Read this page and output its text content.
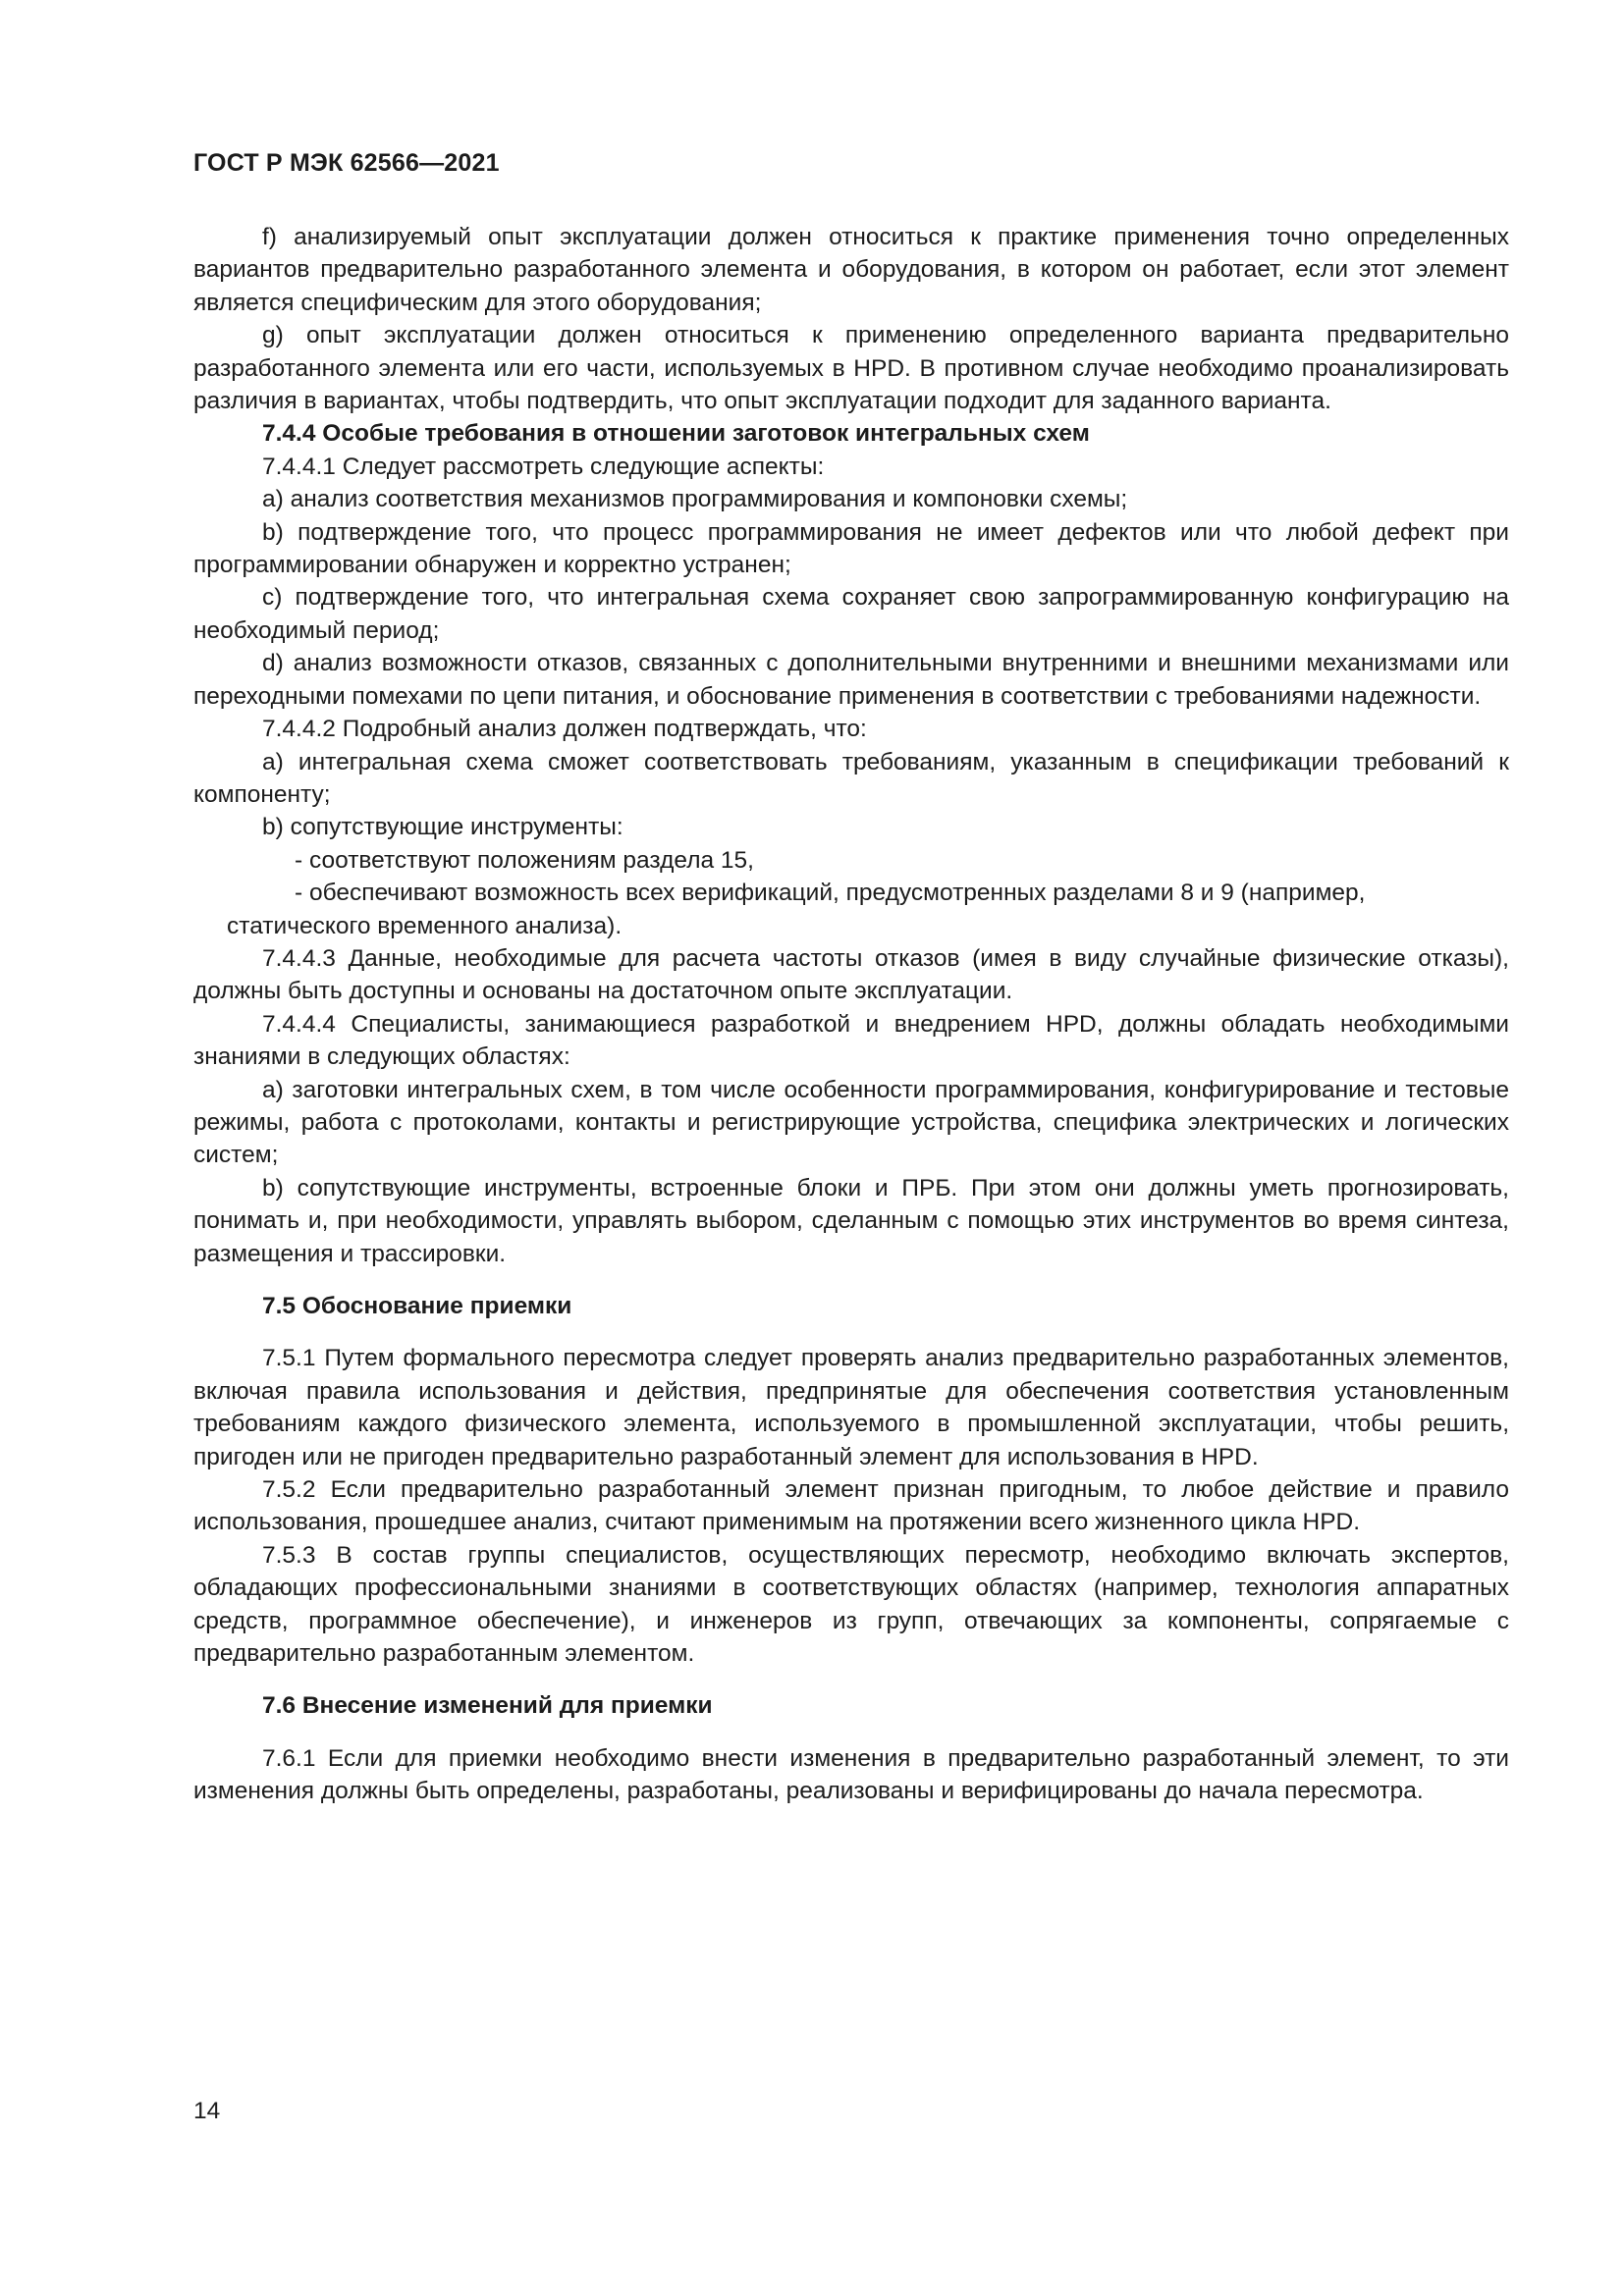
ГОСТ Р МЭК 62566—2021

f) анализируемый опыт эксплуатации должен относиться к практике применения точно определенных вариантов предварительно разработанного элемента и оборудования, в котором он работает, если этот элемент является специфическим для этого оборудования;

g) опыт эксплуатации должен относиться к применению определенного варианта предварительно разработанного элемента или его части, используемых в HPD. В противном случае необходимо проанализировать различия в вариантах, чтобы подтвердить, что опыт эксплуатации подходит для заданного варианта.

7.4.4 Особые требования в отношении заготовок интегральных схем

7.4.4.1 Следует рассмотреть следующие аспекты:

a) анализ соответствия механизмов программирования и компоновки схемы;

b) подтверждение того, что процесс программирования не имеет дефектов или что любой дефект при программировании обнаружен и корректно устранен;

c) подтверждение того, что интегральная схема сохраняет свою запрограммированную конфигурацию на необходимый период;

d) анализ возможности отказов, связанных с дополнительными внутренними и внешними механизмами или переходными помехами по цепи питания, и обоснование применения в соответствии с требованиями надежности.

7.4.4.2 Подробный анализ должен подтверждать, что:

a) интегральная схема сможет соответствовать требованиям, указанным в спецификации требований к компоненту;

b) сопутствующие инструменты:

- соответствуют положениям раздела 15,

- обеспечивают возможность всех верификаций, предусмотренных разделами 8 и 9 (например,

статического временного анализа).

7.4.4.3 Данные, необходимые для расчета частоты отказов (имея в виду случайные физические отказы), должны быть доступны и основаны на достаточном опыте эксплуатации.

7.4.4.4 Специалисты, занимающиеся разработкой и внедрением HPD, должны обладать необходимыми знаниями в следующих областях:

a) заготовки интегральных схем, в том числе особенности программирования, конфигурирование и тестовые режимы, работа с протоколами, контакты и регистрирующие устройства, специфика электрических и логических систем;

b) сопутствующие инструменты, встроенные блоки и ПРБ. При этом они должны уметь прогнозировать, понимать и, при необходимости, управлять выбором, сделанным с помощью этих инструментов во время синтеза, размещения и трассировки.

7.5 Обоснование приемки

7.5.1 Путем формального пересмотра следует проверять анализ предварительно разработанных элементов, включая правила использования и действия, предпринятые для обеспечения соответствия установленным требованиям каждого физического элемента, используемого в промышленной эксплуатации, чтобы решить, пригоден или не пригоден предварительно разработанный элемент для использования в HPD.

7.5.2 Если предварительно разработанный элемент признан пригодным, то любое действие и правило использования, прошедшее анализ, считают применимым на протяжении всего жизненного цикла HPD.

7.5.3 В состав группы специалистов, осуществляющих пересмотр, необходимо включать экспертов, обладающих профессиональными знаниями в соответствующих областях (например, технология аппаратных средств, программное обеспечение), и инженеров из групп, отвечающих за компоненты, сопрягаемые с предварительно разработанным элементом.

7.6 Внесение изменений для приемки

7.6.1 Если для приемки необходимо внести изменения в предварительно разработанный элемент, то эти изменения должны быть определены, разработаны, реализованы и верифицированы до начала пересмотра.

14
